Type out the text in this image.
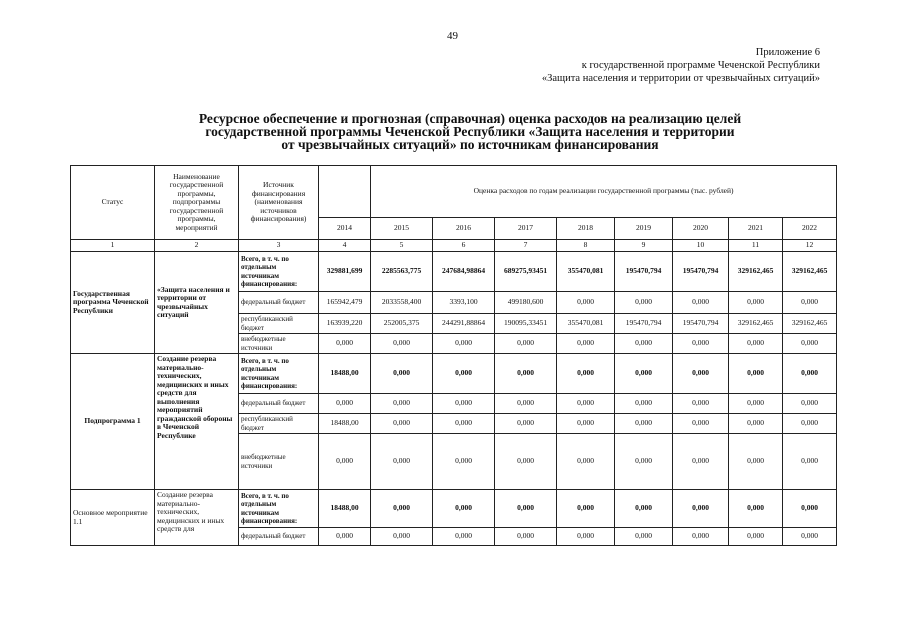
49
Приложение 6
к государственной программе Чеченской Республики
«Защита населения и территории от чрезвычайных ситуаций»
Ресурсное обеспечение и прогнозная (справочная) оценка расходов на реализацию целей
государственной программы Чеченской Республики «Защита населения и территории
от чрезвычайных ситуаций» по источникам финансирования
Статус	Наименование государственной программы, подпрограммы государственной программы, мероприятий	Источник финансирования (наименования источников финансирования)		Оценка расходов по годам реализации государственной программы (тыс. рублей)							
			2014	2015	2016	2017	2018	2019	2020	2021	2022
1	2	3	4	5	6	7	8	9	10	11	12
Государственная программа Чеченской Республики	«Защита населения и территории от чрезвычайных ситуаций	Всего, в т. ч. по отдельным источникам финансирования:	329881,699	2285563,775	247684,98864	689275,93451	355470,081	195470,794	195470,794	329162,465	329162,465
		федеральный бюджет	165942,479	2033558,400	3393,100	499180,600	0,000	0,000	0,000	0,000	0,000
		республиканский бюджет	163939,220	252005,375	244291,88864	190095,33451	355470,081	195470,794	195470,794	329162,465	329162,465
		внебюджетные источники	0,000	0,000	0,000	0,000	0,000	0,000	0,000	0,000	0,000
Подпрограмма 1	Создание резерва материально-технических, медицинских и иных средств для выполнения мероприятий гражданской обороны в Чеченской Республике	Всего, в т. ч. по отдельным источникам финансирования:	18488,00	0,000	0,000	0,000	0,000	0,000	0,000	0,000	0,000
		федеральный бюджет	0,000	0,000	0,000	0,000	0,000	0,000	0,000	0,000	0,000
		республиканский бюджет	18488,00	0,000	0,000	0,000	0,000	0,000	0,000	0,000	0,000
		внебюджетные источники	0,000	0,000	0,000	0,000	0,000	0,000	0,000	0,000	0,000
Основное мероприятие 1.1	Создание резерва материально-технических, медицинских и иных средств для	Всего, в т. ч. по отдельным источникам финансирования:	18488,00	0,000	0,000	0,000	0,000	0,000	0,000	0,000	0,000
		федеральный бюджет	0,000	0,000	0,000	0,000	0,000	0,000	0,000	0,000	0,000
